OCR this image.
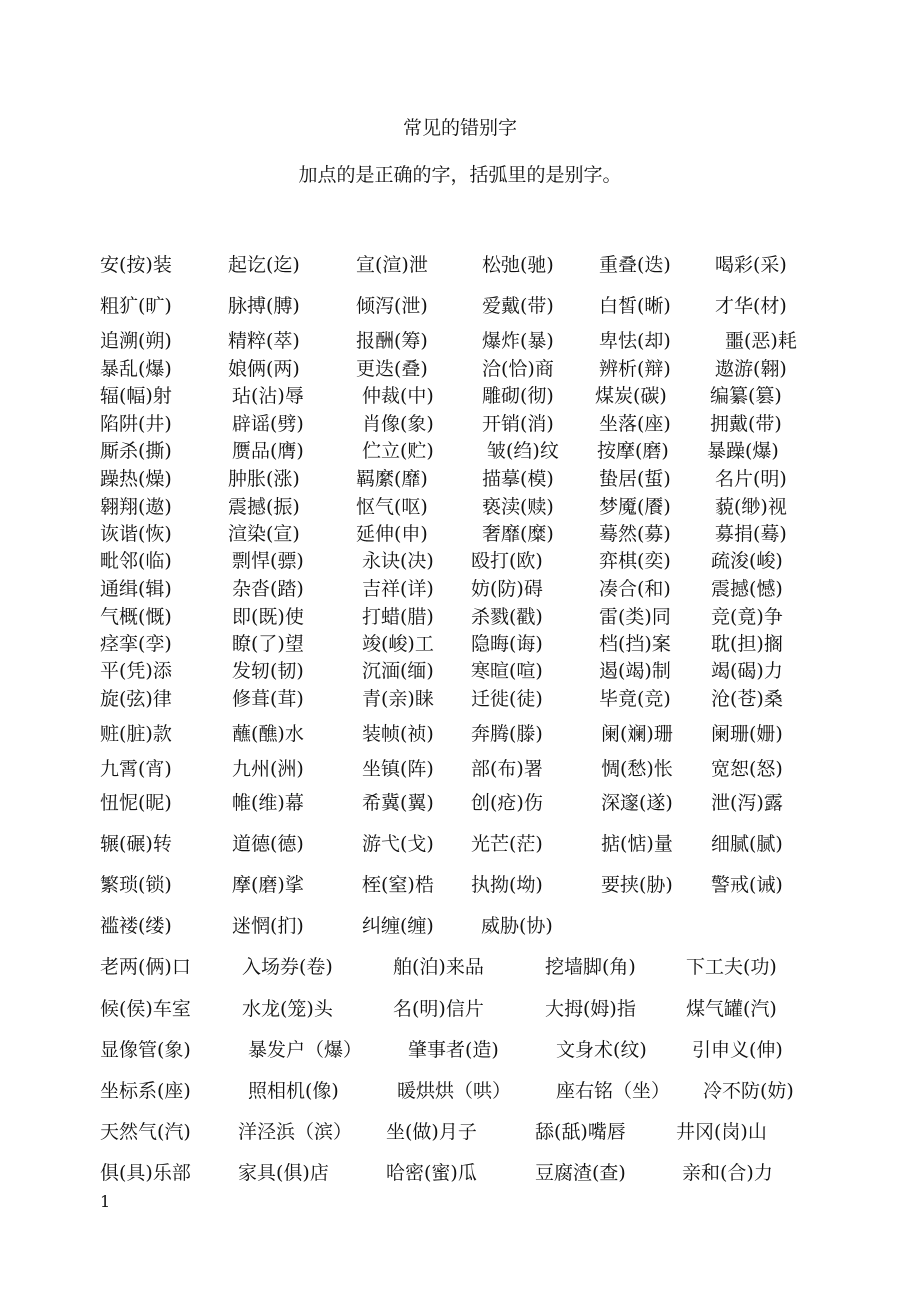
常见的错别字
加点的是正确的字，括弧里的是别字。
安(按)装	起讫(迄)	宣(渲)泄	松弛(驰) 重叠(迭) 喝彩(采)
粗犷(旷)	脉搏(膊)	倾泻(泄)	爱戴(带) 白皙(晰) 才华(材)
追溯(朔)	精粹(萃)	报酬(筹)	爆炸(暴) 卑怯(却)	噩(恶)耗
暴乱(爆)	娘俩(两)	更迭(叠)	洽(恰)商 辨析(辩) 遨游(翱)
辐(幅)射	玷(沾)辱	仲裁(中)	雕砌(彻) 煤炭(碳) 编纂(篡)
陷阱(井)	辟谣(劈)	肖像(象)	开销(消) 坐落(座) 拥戴(带)
厮杀(撕)	赝品(膺)	伫立(贮)	皱(绉)纹 按摩(磨) 暴躁(爆)
躁热(燥)	肿胀(涨)	羁縻(靡)	描摹(模) 蛰居(蜇) 名片(明)
翱翔(遨)	震撼(振)	怄气(呕)	亵渎(赎) 梦魇(餍) 藐(缈)视
诙谐(恢)	渲染(宣)	延伸(申)	奢靡(糜) 蓦然(募) 募捐(蓦)
毗邻(临)	剽悍(骠)	永诀(决) 殴打(欧)	弈棋(奕) 疏浚(峻)
通缉(辑)	杂沓(踏)	吉祥(详) 妨(防)碍	凑合(和) 震撼(憾)
气概(慨)	即(既)使	打蜡(腊) 杀戮(戳)	雷(类)同 竞(竟)争
痉挛(孪)	瞭(了)望	竣(峻)工 隐晦(诲)	档(挡)案 耽(担)搁
平(凭)添	发轫(韧)	沉湎(缅) 寒暄(喧)	遏(竭)制 竭(碣)力
旋(弦)律	修葺(茸)	青(亲)睐 迁徙(徒)	毕竟(竞) 沧(苍)桑
赃(脏)款	蘸(醮)水	装帧(祯) 奔腾(滕)	阑(斓)珊 阑珊(姗)
九霄(宵)	九州(洲)	坐镇(阵) 部(布)署	惆(愁)怅 宽恕(怒)
忸怩(昵)	帷(维)幕	希冀(翼) 创(疮)伤	深邃(遂) 泄(泻)露
辗(碾)转	道德(德)	游弋(戈) 光芒(茫)	掂(惦)量 细腻(腻)
繁琐(锁)	摩(磨)挲	桎(窒)梏 执拗(坳)	要挟(胁) 警戒(诫)
褴褛(缕)	迷惘(扪)	纠缠(缠) 威胁(协)
老两(俩)口	入场券(卷)	舶(泊)来品	挖墙脚(角)	下工夫(功)
候(侯)车室	水龙(笼)头	名(明)信片	大拇(姆)指	煤气罐(汽)
显像管(象)	暴发户（爆） 肇事者(造)	文身术(纹) 引申义(伸)
坐标系(座)	照相机(像)	暖烘烘（哄） 座右铭（坐） 冷不防(妨)
天然气(汽) 洋泾浜（滨） 坐(做)月子	舔(舐)嘴唇	井冈(岗)山
俱(具)乐部 家具(俱)店	哈密(蜜)瓜	豆腐渣(查)	亲和(合)力
1
